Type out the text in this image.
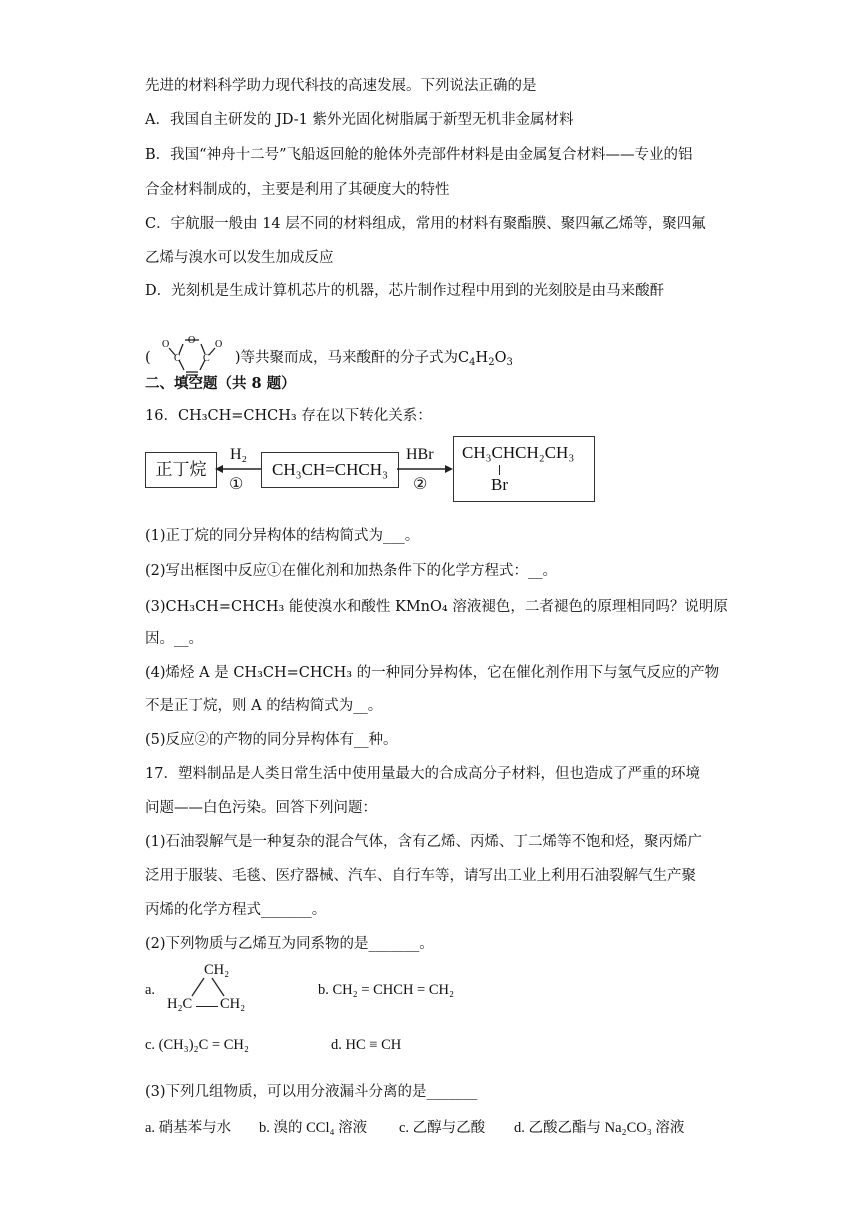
先进的材料科学助力现代科技的高速发展。下列说法正确的是
A．我国自主研发的 JD-1 紫外光固化树脂属于新型无机非金属材料
B．我国“神舟十二号”飞船返回舱的舱体外壳部件材料是由金属复合材料——专业的铝
合金材料制成的，主要是利用了其硬度大的特性
C．宇航服一般由 14 层不同的材料组成，常用的材料有聚酯膜、聚四氟乙烯等，聚四氟
乙烯与溴水可以发生加成反应
D．光刻机是生成计算机芯片的机器，芯片制作过程中用到的光刻胶是由马来酸酐
(
O
O	O
C C )等共聚而成，马来酸酐的分子式为$C_4H_2O_3$
二、填空题（共 8 题）
16．CH₃CH=CHCH₃ 存在以下转化关系：
正丁烷
H₂
①
CH₃CH=CHCH₃
HBr
②
CH₃CHCH₂CH₃
Br
(1)正丁烷的同分异构体的结构简式为___。
(2)写出框图中反应①在催化剂和加热条件下的化学方程式：__。
(3)CH₃CH=CHCH₃ 能使溴水和酸性 KMnO₄ 溶液褪色，二者褪色的原理相同吗？说明原
因。__。
(4)烯烃 A 是 CH₃CH=CHCH₃ 的一种同分异构体，它在催化剂作用下与氢气反应的产物
不是正丁烷，则 A 的结构简式为__。
(5)反应②的产物的同分异构体有__种。
17．塑料制品是人类日常生活中使用量最大的合成高分子材料，但也造成了严重的环境
问题——白色污染。回答下列问题：
(1)石油裂解气是一种复杂的混合气体，含有乙烯、丙烯、丁二烯等不饱和烃，聚丙烯广
泛用于服装、毛毯、医疗器械、汽车、自行车等，请写出工业上利用石油裂解气生产聚
丙烯的化学方程式_______。
(2)下列物质与乙烯互为同系物的是_______。
a.
CH₂
H₂C CH₂
b. CH₂ = CHCH = CH₂
c. (CH₃)₂C = CH₂	d. HC ≡ CH
(3)下列几组物质，可以用分液漏斗分离的是_______
a. 硝基苯与水 b. 溴的 CCl₄ 溶液 c. 乙醇与乙酸 d. 乙酸乙酯与 Na₂CO₃ 溶液
